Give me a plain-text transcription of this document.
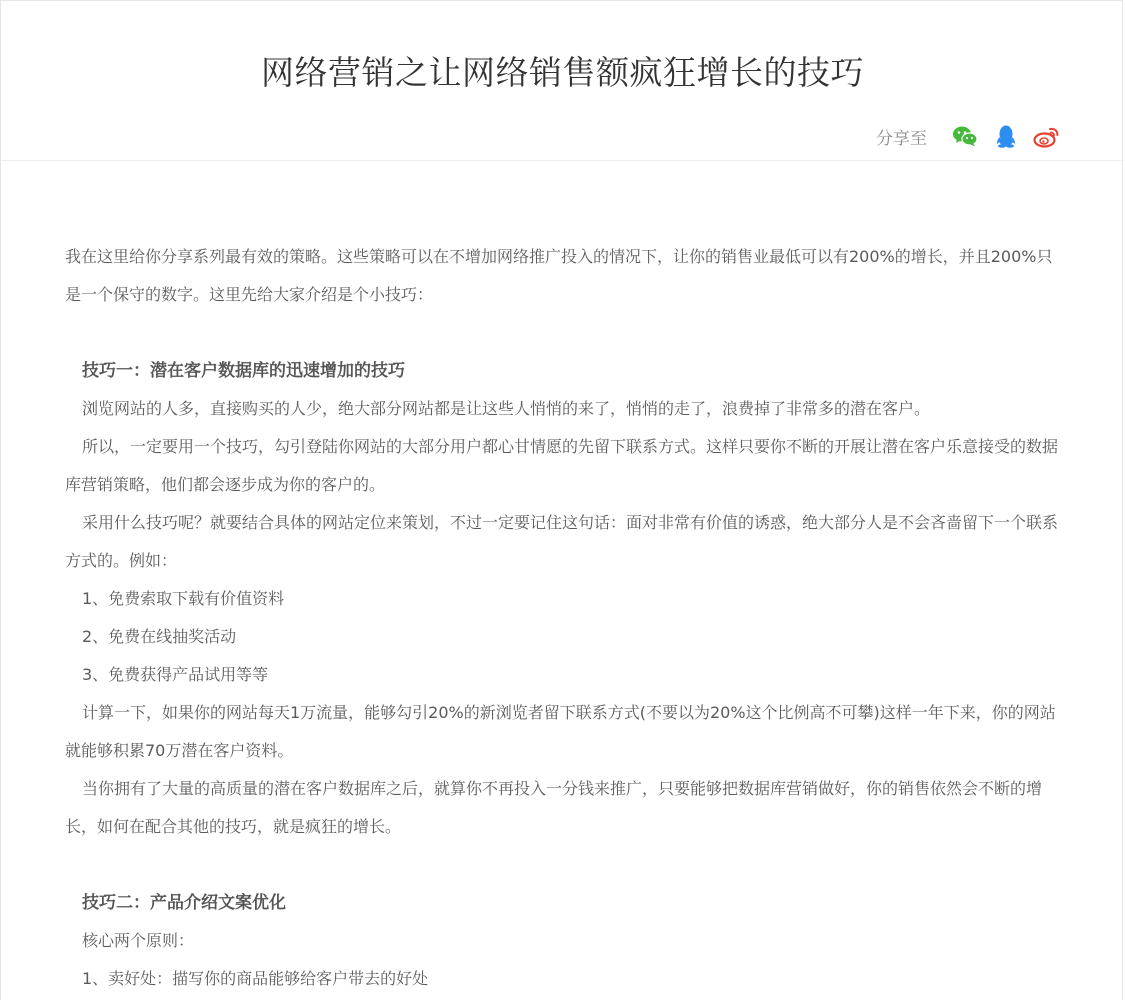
网络营销之让网络销售额疯狂增长的技巧
分享至

我在这里给你分享系列最有效的策略。这些策略可以在不增加网络推广投入的情况下，让你的销售业最低可以有200%的增长，并且200%只是一个保守的数字。这里先给大家介绍是个小技巧：

技巧一：潜在客户数据库的迅速增加的技巧

浏览网站的人多，直接购买的人少，绝大部分网站都是让这些人悄悄的来了，悄悄的走了，浪费掉了非常多的潜在客户。

所以，一定要用一个技巧，勾引登陆你网站的大部分用户都心甘情愿的先留下联系方式。这样只要你不断的开展让潜在客户乐意接受的数据库营销策略，他们都会逐步成为你的客户的。

采用什么技巧呢？就要结合具体的网站定位来策划，不过一定要记住这句话：面对非常有价值的诱惑，绝大部分人是不会吝啬留下一个联系方式的。例如：

1、免费索取下载有价值资料

2、免费在线抽奖活动

3、免费获得产品试用等等

计算一下，如果你的网站每天1万流量，能够勾引20%的新浏览者留下联系方式(不要以为20%这个比例高不可攀)这样一年下来，你的网站就能够积累70万潜在客户资料。

当你拥有了大量的高质量的潜在客户数据库之后，就算你不再投入一分钱来推广，只要能够把数据库营销做好，你的销售依然会不断的增长，如何在配合其他的技巧，就是疯狂的增长。

技巧二：产品介绍文案优化

核心两个原则：

1、卖好处：描写你的商品能够给客户带去的好处
